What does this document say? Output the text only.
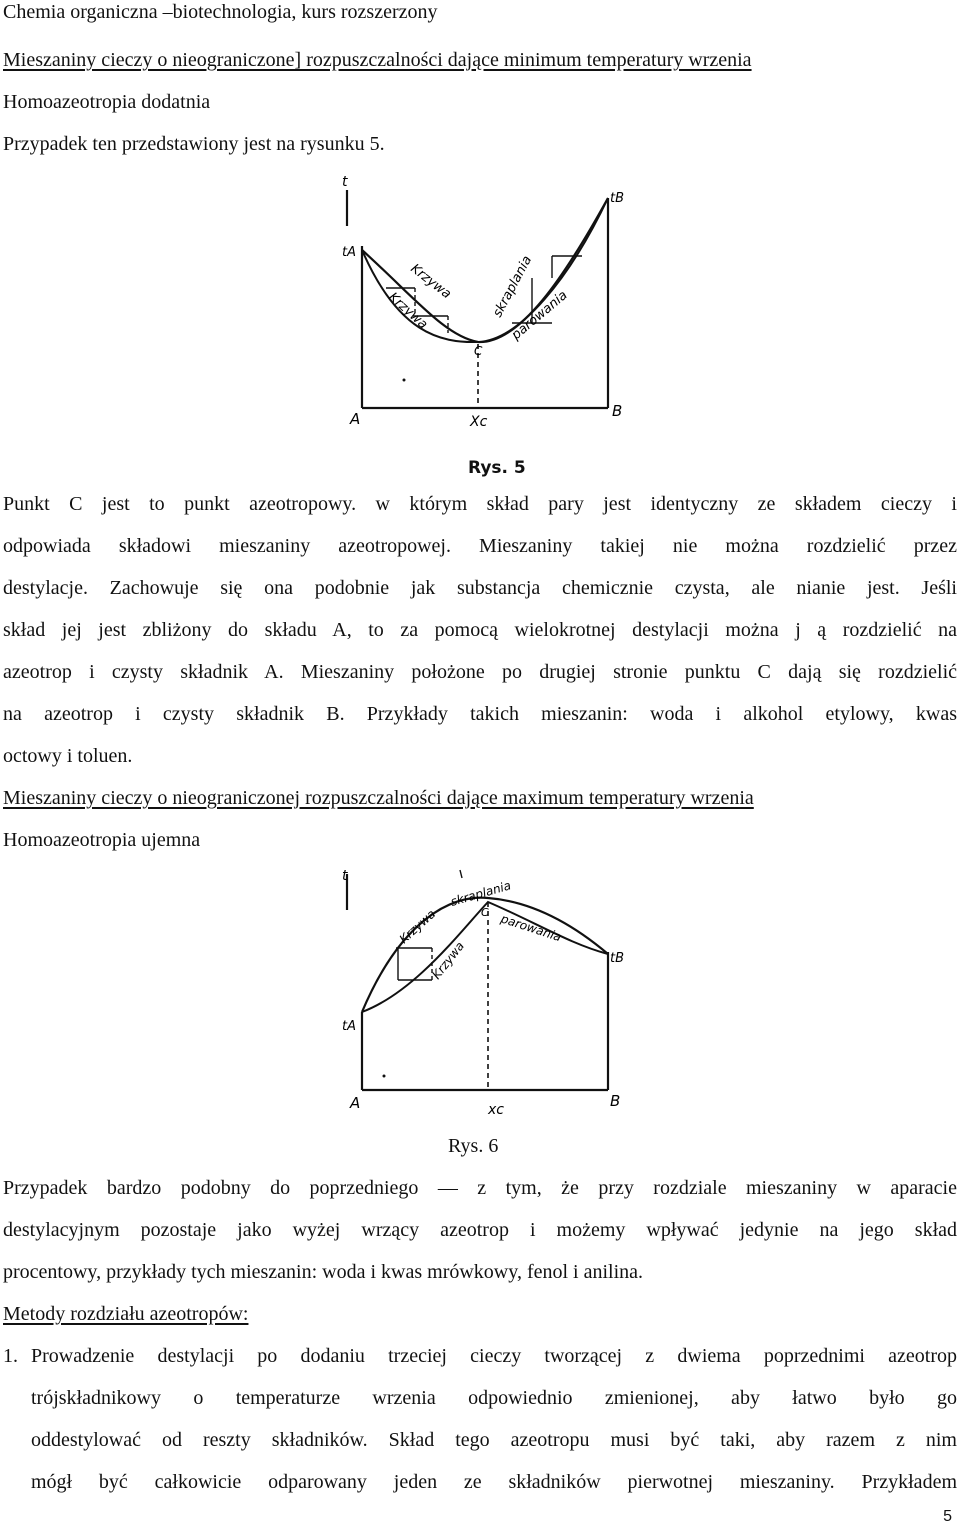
Chemia organiczna –biotechnologia, kurs rozszerzony
Mieszaniny cieczy o nieograniczone] rozpuszczalności dające minimum temperatury wrzenia
Homoazeotropia dodatnia
Przypadek ten przedstawiony jest na rysunku 5.
t
tA
tB
A	B
C
Xc
Krzywa
Krzywa	skraplania
parowania
Rys. 5
Punkt C jest to punkt azeotropowy. w którym skład pary jest identyczny ze składem cieczy i
odpowiada składowi mieszaniny azeotropowej. Mieszaniny takiej nie można rozdzielić przez
destylacje. Zachowuje się ona podobnie jak substancja chemicznie czysta, ale nianie jest. Jeśli
skład jej jest zbliżony do składu A, to za pomocą wielokrotnej destylacji można j ą rozdzielić na
azeotrop i czysty składnik A. Mieszaniny położone po drugiej stronie punktu C dają się rozdzielić
na azeotrop i czysty składnik B. Przykłady takich mieszanin: woda i alkohol etylowy, kwas
octowy i toluen.
Mieszaniny cieczy o nieograniczonej rozpuszczalności dające maximum temperatury wrzenia
Homoazeotropia ujemna
t
tA
tB
A	B
C
xc
Krzywa
skraplania
Krzywa
parowania
Rys. 6
Przypadek bardzo podobny do poprzedniego — z tym, że przy rozdziale mieszaniny w aparacie
destylacyjnym pozostaje jako wyżej wrzący azeotrop i możemy wpływać jedynie na jego skład
procentowy, przykłady tych mieszanin: woda i kwas mrówkowy, fenol i anilina.
Metody rozdziału azeotropów:
1. Prowadzenie destylacji po dodaniu trzeciej cieczy tworzącej z dwiema poprzednimi azeotrop
trójskładnikowy o temperaturze wrzenia odpowiednio zmienionej, aby łatwo było go
oddestylować od reszty składników. Skład tego azeotropu musi być taki, aby razem z nim
mógł być całkowicie odparowany jeden ze składników pierwotnej mieszaniny. Przykładem
5
